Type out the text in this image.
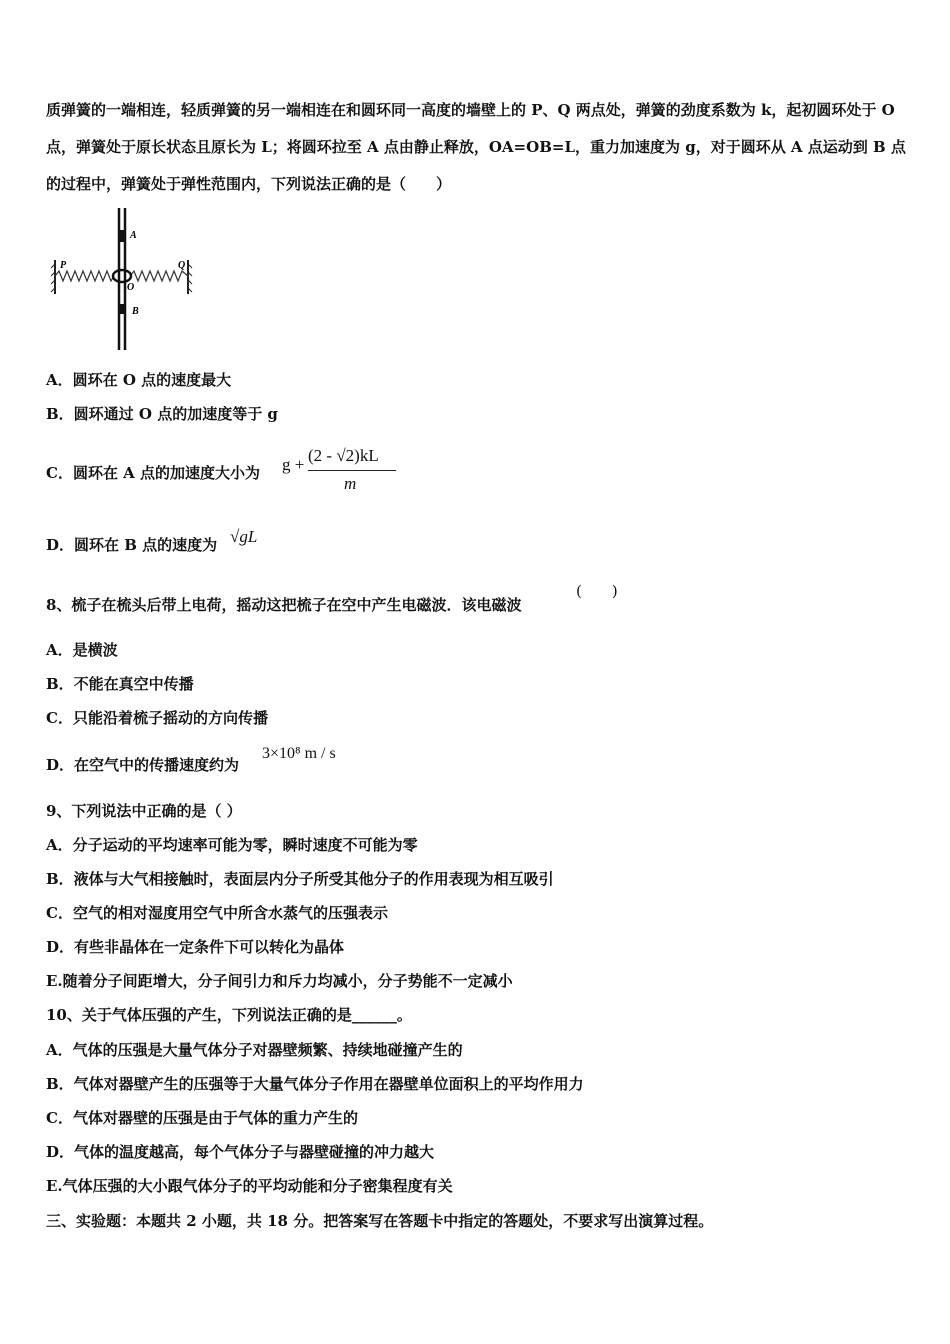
质弹簧的一端相连，轻质弹簧的另一端相连在和圆环同一高度的墙壁上的 P、Q 两点处，弹簧的劲度系数为 k，起初圆环处于 O 点，弹簧处于原长状态且原长为 L；将圆环拉至 A 点由静止释放，OA=OB=L，重力加速度为 g，对于圆环从 A 点运动到 B 点的过程中，弹簧处于弹性范围内，下列说法正确的是（　　）
P	Q
A
O
B
A．圆环在 O 点的速度最大
B．圆环通过 O 点的加速度等于 g
C．圆环在 A 点的加速度大小为 g + (2 - √2)kL
m
D．圆环在 B 点的速度为 √gL
8、梳子在梳头后带上电荷，摇动这把梳子在空中产生电磁波．该电磁波
(　　)
A．是横波
B．不能在真空中传播
C．只能沿着梳子摇动的方向传播
D．在空气中的传播速度约为
3×10⁸ m / s
9、下列说法中正确的是（ ）
A．分子运动的平均速率可能为零，瞬时速度不可能为零
B．液体与大气相接触时，表面层内分子所受其他分子的作用表现为相互吸引
C．空气的相对湿度用空气中所含水蒸气的压强表示
D．有些非晶体在一定条件下可以转化为晶体
E.随着分子间距增大，分子间引力和斥力均减小，分子势能不一定减小
10、关于气体压强的产生，下列说法正确的是______。
A．气体的压强是大量气体分子对器壁频繁、持续地碰撞产生的
B．气体对器壁产生的压强等于大量气体分子作用在器壁单位面积上的平均作用力
C．气体对器壁的压强是由于气体的重力产生的
D．气体的温度越高，每个气体分子与器壁碰撞的冲力越大
E.气体压强的大小跟气体分子的平均动能和分子密集程度有关
三、实验题：本题共 2 小题，共 18 分。把答案写在答题卡中指定的答题处，不要求写出演算过程。
